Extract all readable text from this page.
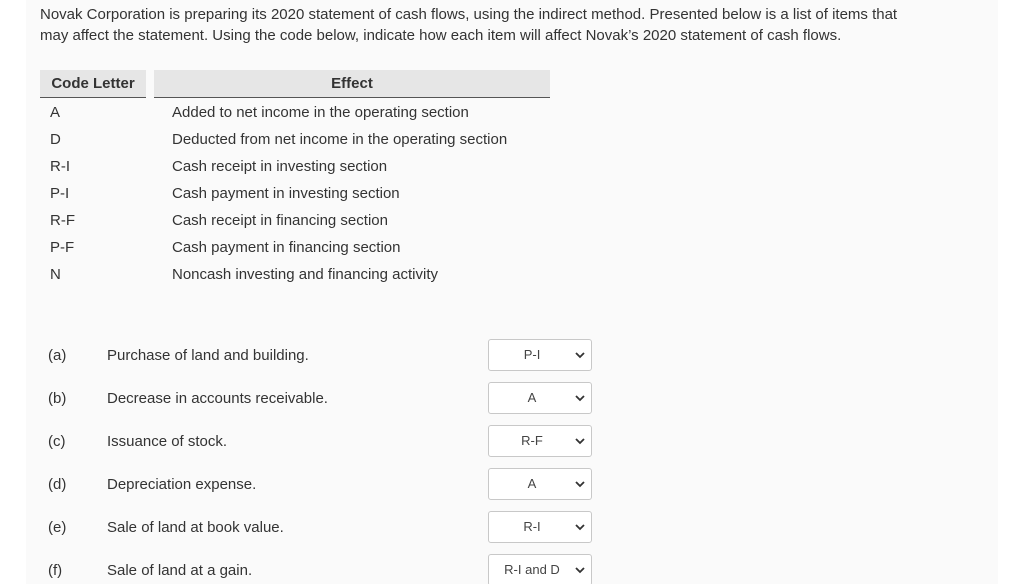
Novak Corporation is preparing its 2020 statement of cash flows, using the indirect method. Presented below is a list of items that
may affect the statement. Using the code below, indicate how each item will affect Novak’s 2020 statement of cash flows.

Code Letter	Effect
A	Added to net income in the operating section
D	Deducted from net income in the operating section
R-I	Cash receipt in investing section
P-I	Cash payment in investing section
R-F	Cash receipt in financing section
P-F	Cash payment in financing section
N	Noncash investing and financing activity
(a)	Purchase of land and building.	P-I
(b)	Decrease in accounts receivable.	A
(c)	Issuance of stock.	R-F
(d)	Depreciation expense.	A
(e)	Sale of land at book value.	R-I
(f)	Sale of land at a gain.	R-I and D
